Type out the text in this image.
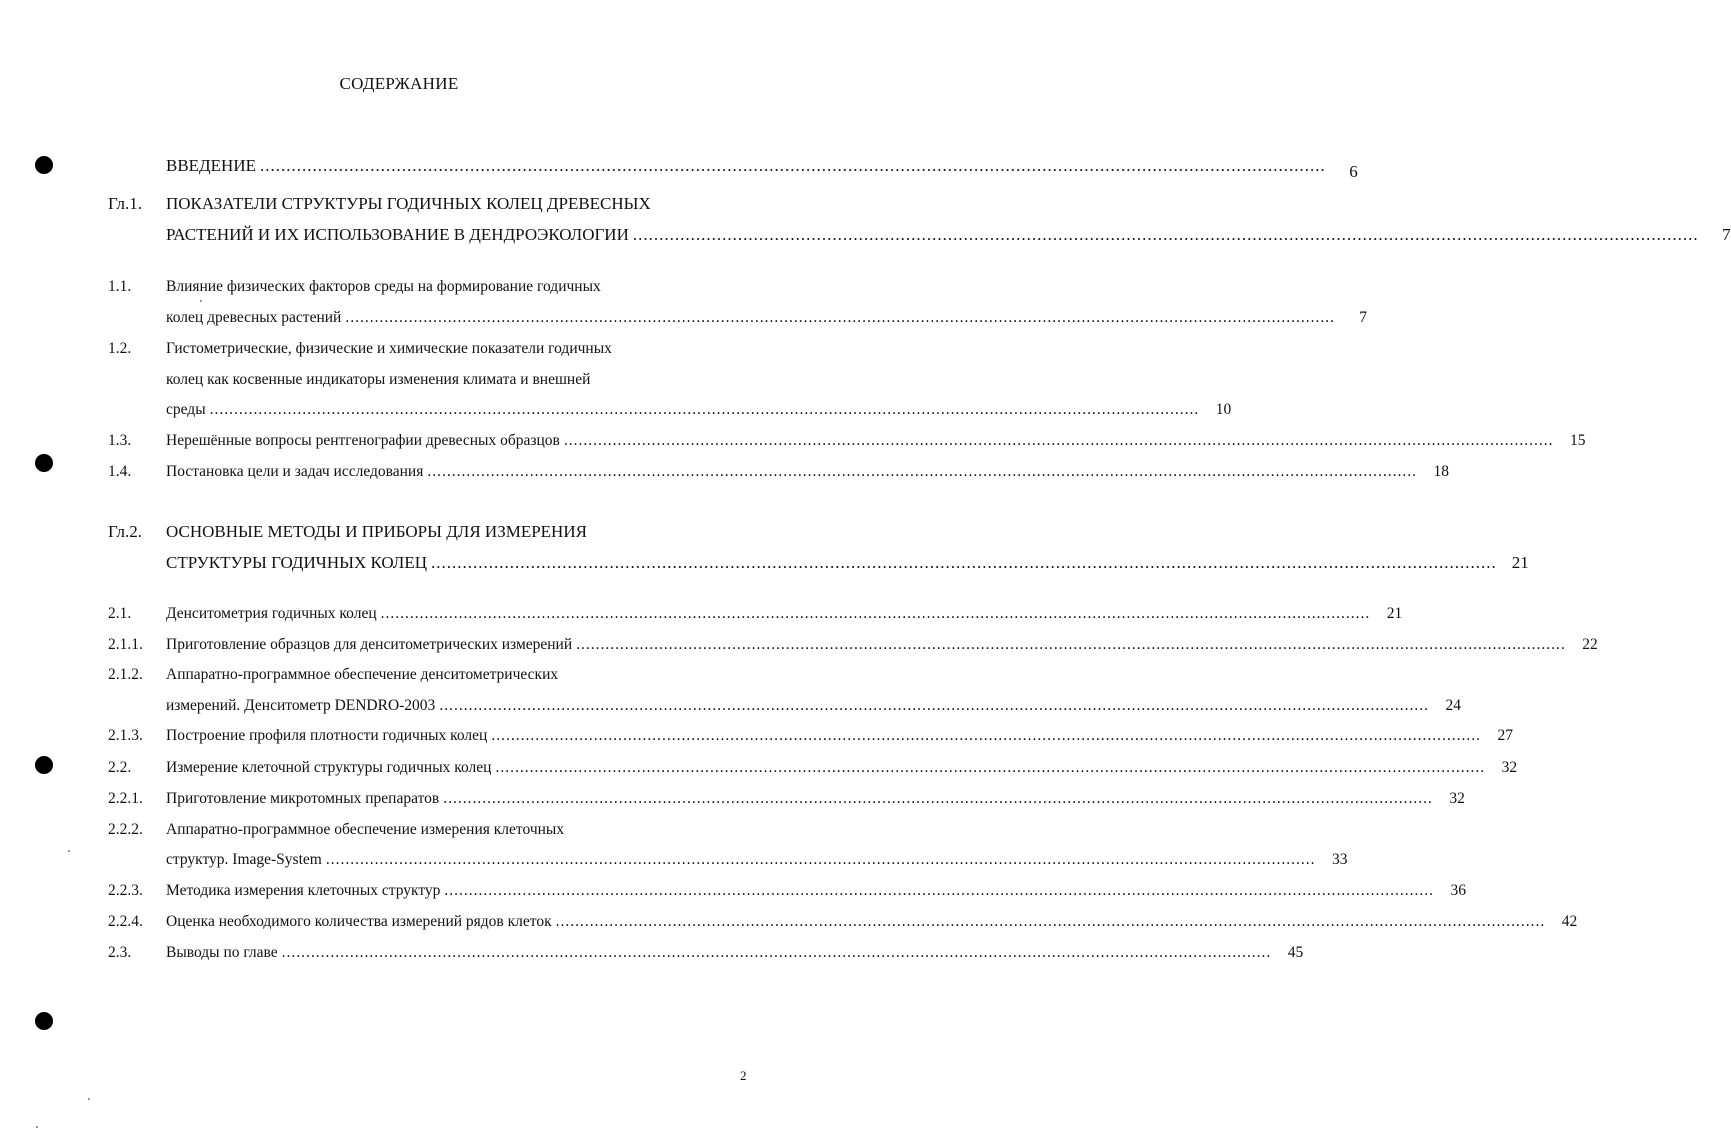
СОДЕРЖАНИЕ
ВВЕДЕНИЕ .....	6
Гл.1.	ПОКАЗАТЕЛИ СТРУКТУРЫ ГОДИЧНЫХ КОЛЕЦ ДРЕВЕСНЫХ
РАСТЕНИЙ И ИХ ИСПОЛЬЗОВАНИЕ В ДЕНДРОЭКОЛОГИИ .....	7
1.1.	Влияние физических факторов среды на формирование годичных
колец древесных растений .....	7
1.2.	Гистометрические, физические и химические показатели годичных
колец как косвенные индикаторы изменения климата и внешней
среды .....	10
1.3.	Нерешённые вопросы рентгенографии древесных образцов .....	15
1.4.	Постановка цели и задач исследования .....	18
Гл.2.	ОСНОВНЫЕ МЕТОДЫ И ПРИБОРЫ ДЛЯ ИЗМЕРЕНИЯ
СТРУКТУРЫ ГОДИЧНЫХ КОЛЕЦ .....	21
2.1.	Денситометрия годичных колец .....	21
2.1.1.	Приготовление образцов для денситометрических измерений .....	22
2.1.2.	Аппаратно-программное обеспечение денситометрических
измерений. Денситометр DENDRO-2003 .....	24
2.1.3.	Построение профиля плотности годичных колец .....	27
2.2.	Измерение клеточной структуры годичных колец .....	32
2.2.1.	Приготовление микротомных препаратов .....	32
2.2.2.	Аппаратно-программное обеспечение измерения клеточных
структур. Image-System .....	33
2.2.3.	Методика измерения клеточных структур .....	36
2.2.4.	Оценка необходимого количества измерений рядов клеток .....	42
2.3.	Выводы по главе .....	45
2
